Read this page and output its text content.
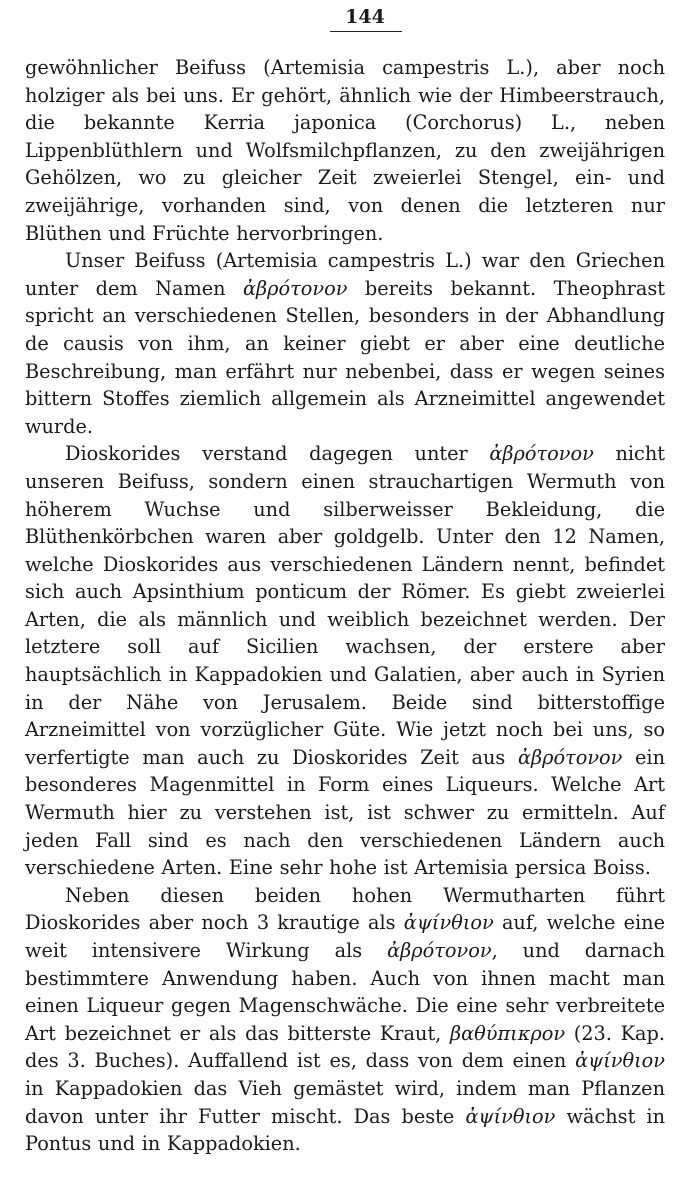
144

gewöhnlicher Beifuss (Artemisia campestris L.), aber noch holziger als bei uns. Er gehört, ähnlich wie der Himbeerstrauch, die bekannte Kerria japonica (Corchorus) L., neben Lippenblüthlern und Wolfsmilchpflanzen, zu den zweijährigen Gehölzen, wo zu gleicher Zeit zweierlei Stengel, ein- und zweijährige, vorhanden sind, von denen die letzteren nur Blüthen und Früchte hervorbringen.

Unser Beifuss (Artemisia campestris L.) war den Griechen unter dem Namen ἀβρότονον bereits bekannt. Theophrast spricht an verschiedenen Stellen, besonders in der Abhandlung de causis von ihm, an keiner giebt er aber eine deutliche Beschreibung, man erfährt nur nebenbei, dass er wegen seines bittern Stoffes ziemlich allgemein als Arzneimittel angewendet wurde.

Dioskorides verstand dagegen unter ἀβρότονον nicht unseren Beifuss, sondern einen strauchartigen Wermuth von höherem Wuchse und silberweisser Bekleidung, die Blüthenkörbchen waren aber goldgelb. Unter den 12 Namen, welche Dioskorides aus verschiedenen Ländern nennt, befindet sich auch Apsinthium ponticum der Römer. Es giebt zweierlei Arten, die als männlich und weiblich bezeichnet werden. Der letztere soll auf Sicilien wachsen, der erstere aber hauptsächlich in Kappadokien und Galatien, aber auch in Syrien in der Nähe von Jerusalem. Beide sind bitterstoffige Arzneimittel von vorzüglicher Güte. Wie jetzt noch bei uns, so verfertigte man auch zu Dioskorides Zeit aus ἀβρότονον ein besonderes Magenmittel in Form eines Liqueurs. Welche Art Wermuth hier zu verstehen ist, ist schwer zu ermitteln. Auf jeden Fall sind es nach den verschiedenen Ländern auch verschiedene Arten. Eine sehr hohe ist Artemisia persica Boiss.

Neben diesen beiden hohen Wermutharten führt Dioskorides aber noch 3 krautige als ἀψίνθιον auf, welche eine weit intensivere Wirkung als ἀβρότονον, und darnach bestimmtere Anwendung haben. Auch von ihnen macht man einen Liqueur gegen Magenschwäche. Die eine sehr verbreitete Art bezeichnet er als das bitterste Kraut, βαθύπικρον (23. Kap. des 3. Buches). Auffallend ist es, dass von dem einen ἀψίνθιον in Kappadokien das Vieh gemästet wird, indem man Pflanzen davon unter ihr Futter mischt. Das beste ἀψίνθιον wächst in Pontus und in Kappadokien.
